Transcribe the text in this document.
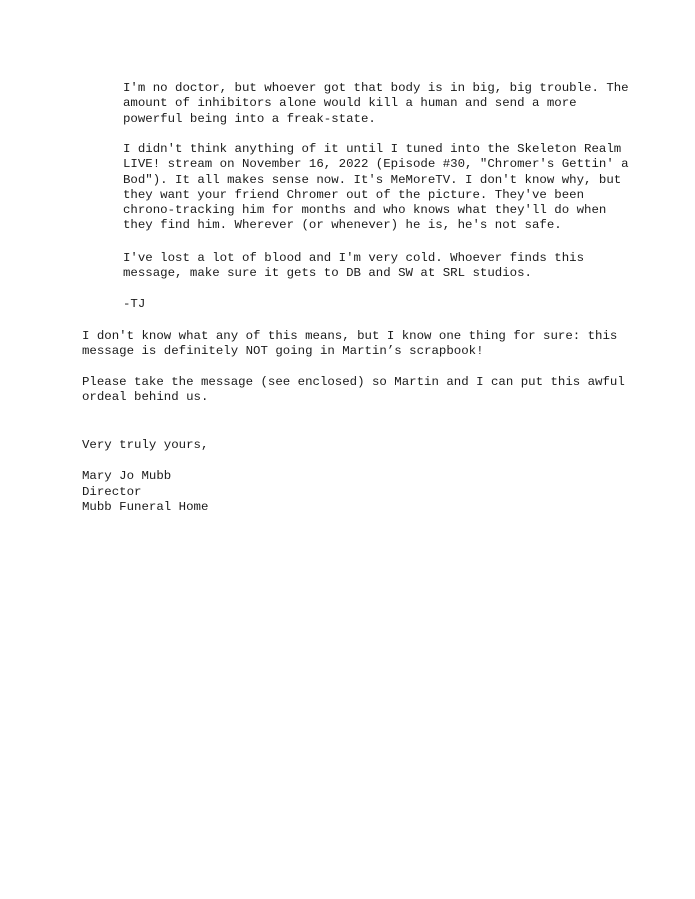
I'm no doctor, but whoever got that body is in big, big trouble. The
amount of inhibitors alone would kill a human and send a more
powerful being into a freak-state.

I didn't think anything of it until I tuned into the Skeleton Realm
LIVE! stream on November 16, 2022 (Episode #30, "Chromer's Gettin' a
Bod"). It all makes sense now. It's MeMoreTV. I don't know why, but
they want your friend Chromer out of the picture. They've been
chrono-tracking him for months and who knows what they'll do when
they find him. Wherever (or whenever) he is, he's not safe.

I've lost a lot of blood and I'm very cold. Whoever finds this
message, make sure it gets to DB and SW at SRL studios.

-TJ

I don't know what any of this means, but I know one thing for sure: this
message is definitely NOT going in Martin’s scrapbook!

Please take the message (see enclosed) so Martin and I can put this awful
ordeal behind us.

Very truly yours,

Mary Jo Mubb

Director

Mubb Funeral Home
